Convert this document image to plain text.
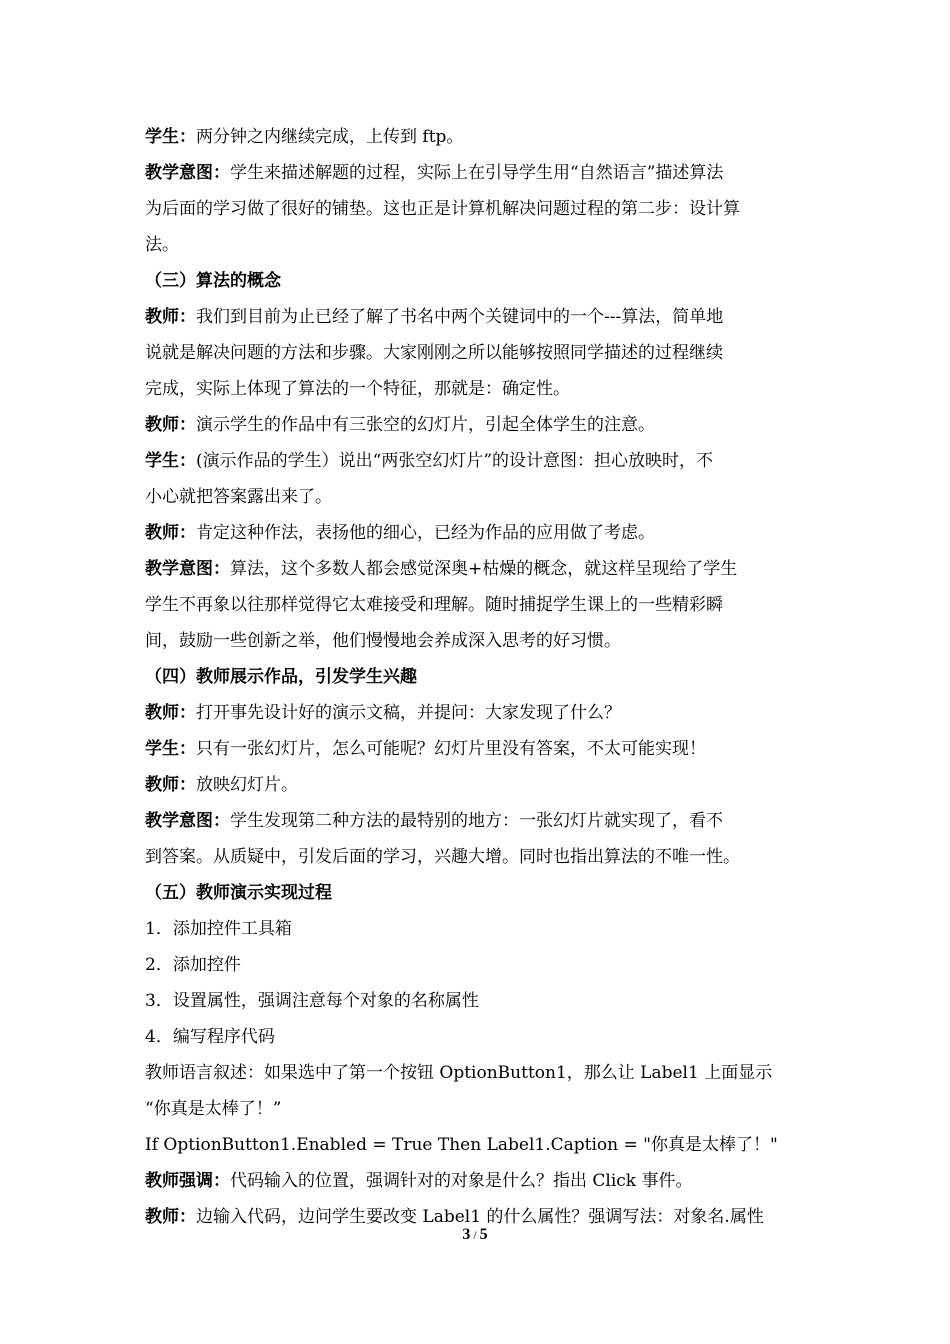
学生：两分钟之内继续完成，上传到 ftp。
教学意图：学生来描述解题的过程，实际上在引导学生用“自然语言”描述算法
为后面的学习做了很好的铺垫。这也正是计算机解决问题过程的第二步：设计算
法。
（三）算法的概念
教师：我们到目前为止已经了解了书名中两个关键词中的一个---算法，简单地
说就是解决问题的方法和步骤。大家刚刚之所以能够按照同学描述的过程继续
完成，实际上体现了算法的一个特征，那就是：确定性。
教师：演示学生的作品中有三张空的幻灯片，引起全体学生的注意。
学生：(演示作品的学生）说出“两张空幻灯片”的设计意图：担心放映时，不
小心就把答案露出来了。
教师：肯定这种作法，表扬他的细心，已经为作品的应用做了考虑。
教学意图：算法，这个多数人都会感觉深奥+枯燥的概念，就这样呈现给了学生
学生不再象以往那样觉得它太难接受和理解。随时捕捉学生课上的一些精彩瞬
间，鼓励一些创新之举，他们慢慢地会养成深入思考的好习惯。
（四）教师展示作品，引发学生兴趣
教师：打开事先设计好的演示文稿，并提问：大家发现了什么？
学生：只有一张幻灯片，怎么可能呢？幻灯片里没有答案，不太可能实现！
教师：放映幻灯片。
教学意图：学生发现第二种方法的最特别的地方：一张幻灯片就实现了，看不
到答案。从质疑中，引发后面的学习，兴趣大增。同时也指出算法的不唯一性。
（五）教师演示实现过程
1．添加控件工具箱
2．添加控件
3．设置属性，强调注意每个对象的名称属性
4．编写程序代码
教师语言叙述：如果选中了第一个按钮 OptionButton1，那么让 Label1 上面显示
“你真是太棒了！”
If OptionButton1.Enabled = True Then Label1.Caption = "你真是太棒了！"
教师强调：代码输入的位置，强调针对的对象是什么？指出 Click 事件。
教师：边输入代码，边问学生要改变 Label1 的什么属性？强调写法：对象名.属性
3 / 5
